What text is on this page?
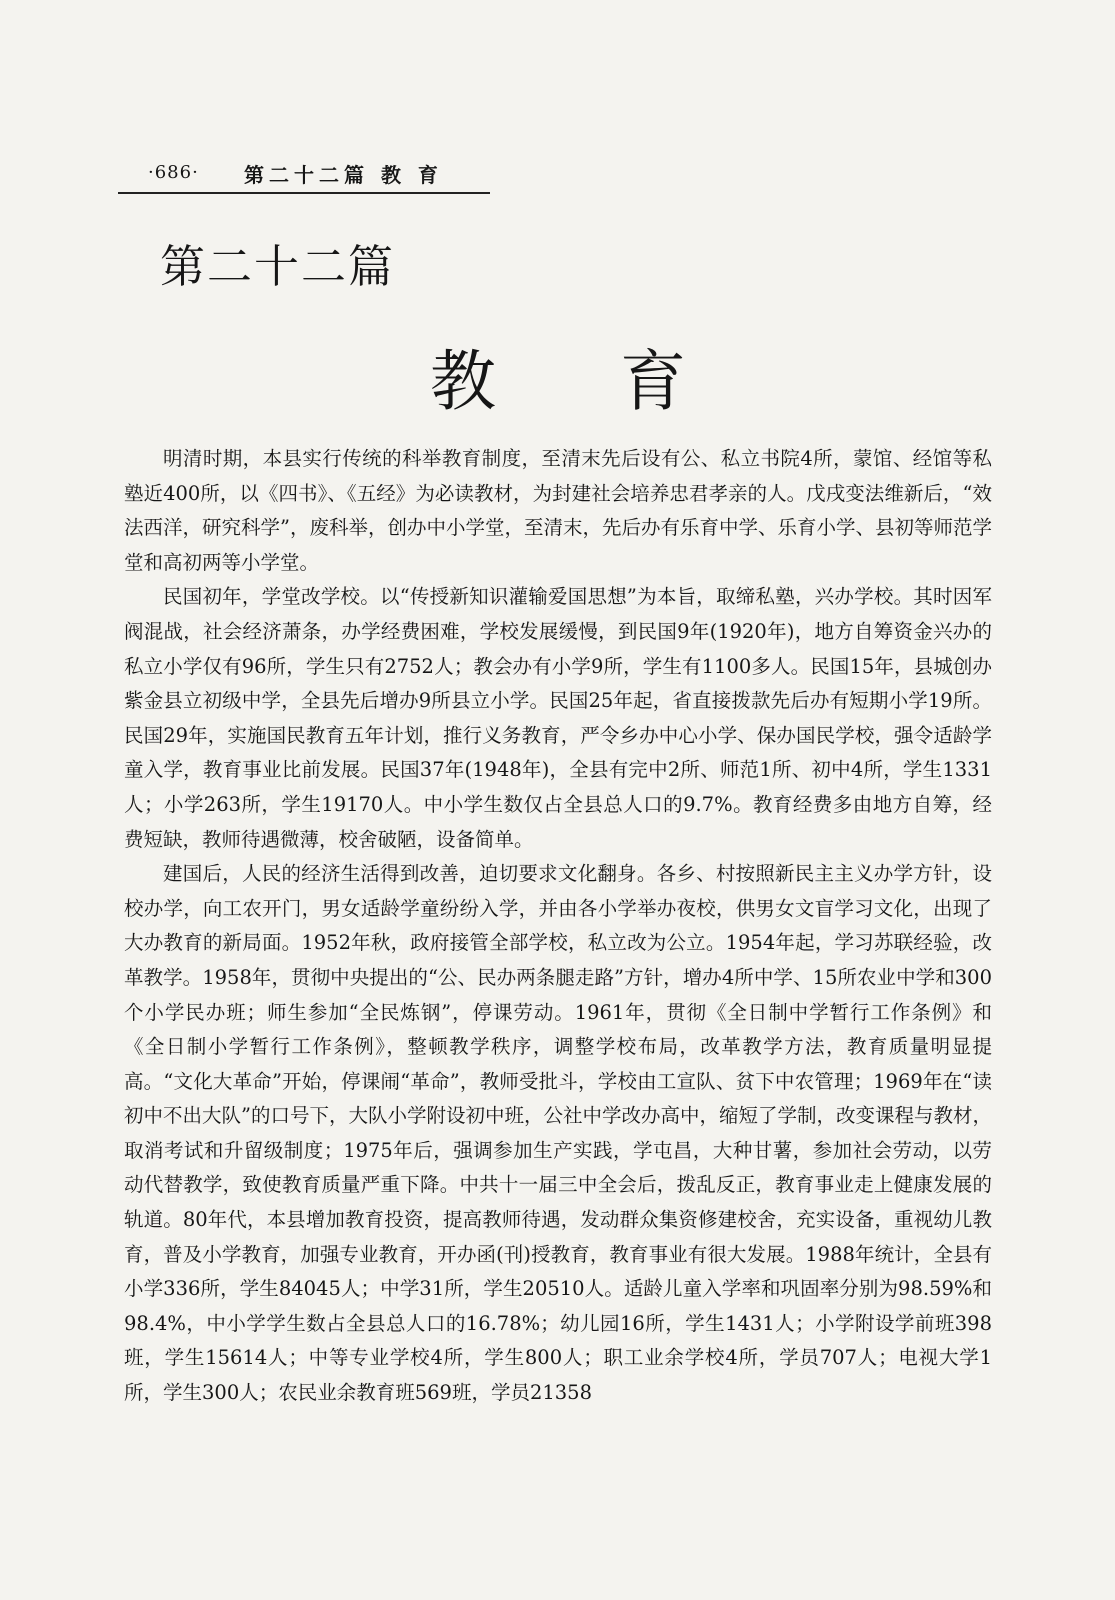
·686· 第二十二篇 教 育
第二十二篇
教育

明清时期，本县实行传统的科举教育制度，至清末先后设有公、私立书院4所，蒙馆、经馆等私塾近400所，以《四书》、《五经》为必读教材，为封建社会培养忠君孝亲的人。戊戌变法维新后，“效法西洋，研究科学”，废科举，创办中小学堂，至清末，先后办有乐育中学、乐育小学、县初等师范学堂和高初两等小学堂。

民国初年，学堂改学校。以“传授新知识灌输爱国思想”为本旨，取缔私塾，兴办学校。其时因军阀混战，社会经济萧条，办学经费困难，学校发展缓慢，到民国9年(1920年)，地方自筹资金兴办的私立小学仅有96所，学生只有2752人；教会办有小学9所，学生有1100多人。民国15年，县城创办紫金县立初级中学，全县先后增办9所县立小学。民国25年起，省直接拨款先后办有短期小学19所。民国29年，实施国民教育五年计划，推行义务教育，严令乡办中心小学、保办国民学校，强令适龄学童入学，教育事业比前发展。民国37年(1948年)，全县有完中2所、师范1所、初中4所，学生1331人；小学263所，学生19170人。中小学生数仅占全县总人口的9.7%。教育经费多由地方自筹，经费短缺，教师待遇微薄，校舍破陋，设备简单。

建国后，人民的经济生活得到改善，迫切要求文化翻身。各乡、村按照新民主主义办学方针，设校办学，向工农开门，男女适龄学童纷纷入学，并由各小学举办夜校，供男女文盲学习文化，出现了大办教育的新局面。1952年秋，政府接管全部学校，私立改为公立。1954年起，学习苏联经验，改革教学。1958年，贯彻中央提出的“公、民办两条腿走路”方针，增办4所中学、15所农业中学和300个小学民办班；师生参加“全民炼钢”，停课劳动。1961年，贯彻《全日制中学暂行工作条例》和《全日制小学暂行工作条例》，整顿教学秩序，调整学校布局，改革教学方法，教育质量明显提高。“文化大革命”开始，停课闹“革命”，教师受批斗，学校由工宣队、贫下中农管理；1969年在“读初中不出大队”的口号下，大队小学附设初中班，公社中学改办高中，缩短了学制，改变课程与教材，取消考试和升留级制度；1975年后，强调参加生产实践，学屯昌，大种甘薯，参加社会劳动，以劳动代替教学，致使教育质量严重下降。中共十一届三中全会后，拨乱反正，教育事业走上健康发展的轨道。80年代，本县增加教育投资，提高教师待遇，发动群众集资修建校舍，充实设备，重视幼儿教育，普及小学教育，加强专业教育，开办函(刊)授教育，教育事业有很大发展。1988年统计，全县有小学336所，学生84045人；中学31所，学生20510人。适龄儿童入学率和巩固率分别为98.59%和98.4%，中小学学生数占全县总人口的16.78%；幼儿园16所，学生1431人；小学附设学前班398班，学生15614人；中等专业学校4所，学生800人；职工业余学校4所，学员707人；电视大学1所，学生300人；农民业余教育班569班，学员21358
